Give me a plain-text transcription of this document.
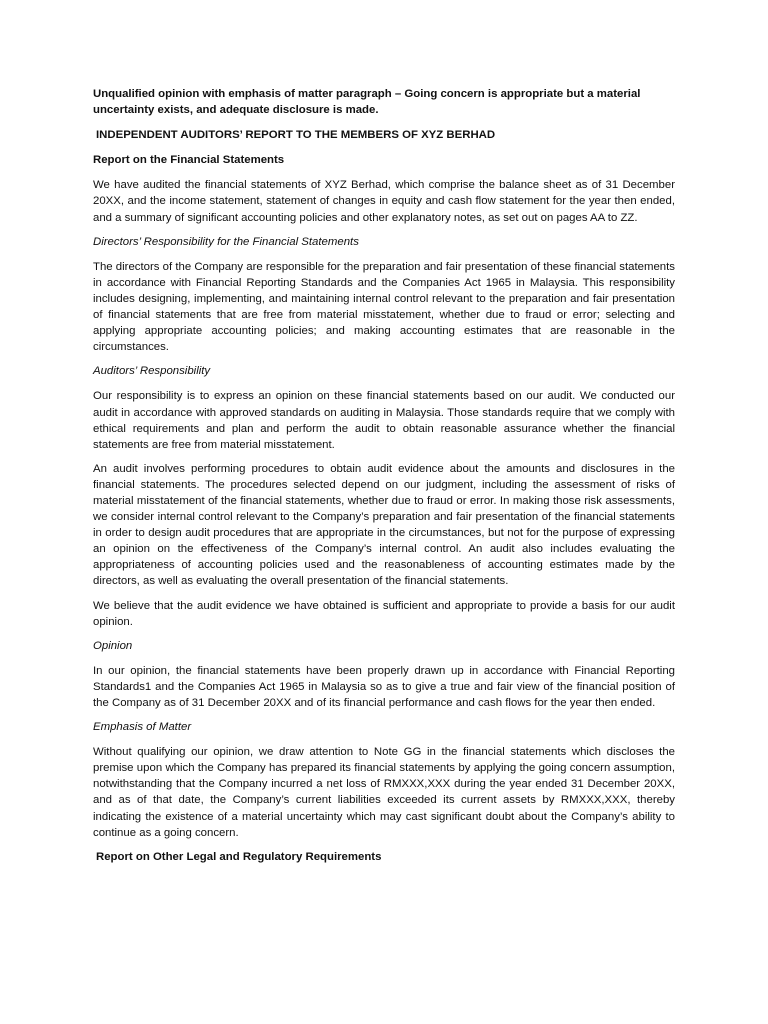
Unqualified opinion with emphasis of matter paragraph – Going concern is appropriate but a material uncertainty exists, and adequate disclosure is made.

INDEPENDENT AUDITORS’ REPORT TO THE MEMBERS OF XYZ BERHAD

Report on the Financial Statements

We have audited the financial statements of XYZ Berhad, which comprise the balance sheet as of 31 December 20XX, and the income statement, statement of changes in equity and cash flow statement for the year then ended, and a summary of significant accounting policies and other explanatory notes, as set out on pages AA to ZZ.

Directors’ Responsibility for the Financial Statements

The directors of the Company are responsible for the preparation and fair presentation of these financial statements in accordance with Financial Reporting Standards and the Companies Act 1965 in Malaysia. This responsibility includes designing, implementing, and maintaining internal control relevant to the preparation and fair presentation of financial statements that are free from material misstatement, whether due to fraud or error; selecting and applying appropriate accounting policies; and making accounting estimates that are reasonable in the circumstances.

Auditors’ Responsibility

Our responsibility is to express an opinion on these financial statements based on our audit. We conducted our audit in accordance with approved standards on auditing in Malaysia. Those standards require that we comply with ethical requirements and plan and perform the audit to obtain reasonable assurance whether the financial statements are free from material misstatement.

An audit involves performing procedures to obtain audit evidence about the amounts and disclosures in the financial statements. The procedures selected depend on our judgment, including the assessment of risks of material misstatement of the financial statements, whether due to fraud or error. In making those risk assessments, we consider internal control relevant to the Company’s preparation and fair presentation of the financial statements in order to design audit procedures that are appropriate in the circumstances, but not for the purpose of expressing an opinion on the effectiveness of the Company’s internal control. An audit also includes evaluating the appropriateness of accounting policies used and the reasonableness of accounting estimates made by the directors, as well as evaluating the overall presentation of the financial statements.

We believe that the audit evidence we have obtained is sufficient and appropriate to provide a basis for our audit opinion.

Opinion

In our opinion, the financial statements have been properly drawn up in accordance with Financial Reporting Standards1 and the Companies Act 1965 in Malaysia so as to give a true and fair view of the financial position of the Company as of 31 December 20XX and of its financial performance and cash flows for the year then ended.

Emphasis of Matter

Without qualifying our opinion, we draw attention to Note GG in the financial statements which discloses the premise upon which the Company has prepared its financial statements by applying the going concern assumption, notwithstanding that the Company incurred a net loss of RMXXX,XXX during the year ended 31 December 20XX, and as of that date, the Company’s current liabilities exceeded its current assets by RMXXX,XXX, thereby indicating the existence of a material uncertainty which may cast significant doubt about the Company’s ability to continue as a going concern.

Report on Other Legal and Regulatory Requirements
